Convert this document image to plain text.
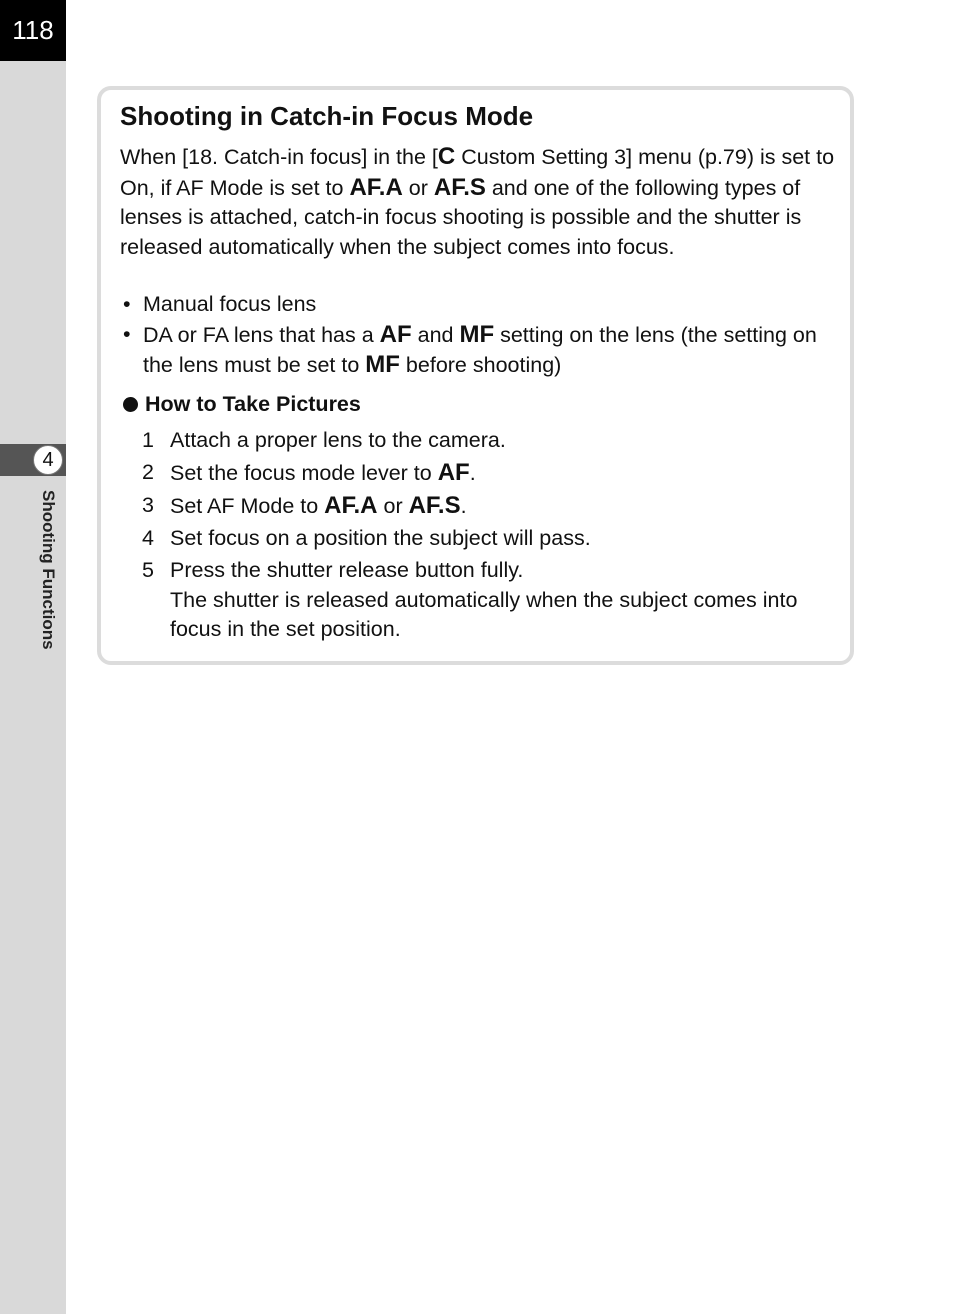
118
4
Shooting Functions
Shooting in Catch-in Focus Mode

When [18. Catch-in focus] in the [C Custom Setting 3] menu (p.79) is set to On, if AF Mode is set to AF.A or AF.S and one of the following types of lenses is attached, catch-in focus shooting is possible and the shutter is released automatically when the subject comes into focus.

• Manual focus lens
• DA or FA lens that has a AF and MF setting on the lens (the setting on the lens must be set to MF before shooting)
How to Take Pictures
1 Attach a proper lens to the camera.
2 Set the focus mode lever to AF.
3 Set AF Mode to AF.A or AF.S.
4 Set focus on a position the subject will pass.
5 Press the shutter release button fully.
The shutter is released automatically when the subject comes into focus in the set position.
